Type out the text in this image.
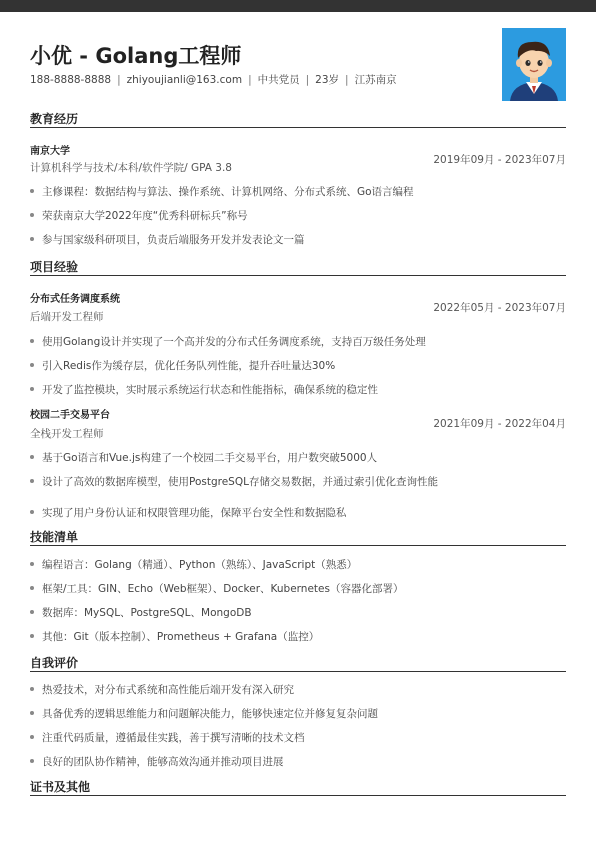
小优 - Golang工程师
188-8888-8888 | zhiyoujianli@163.com | 中共党员 | 23岁 | 江苏南京
教育经历
南京大学
计算机科学与技术/本科/软件学院/ GPA 3.8
2019年09月 - 2023年07月
主修课程：数据结构与算法、操作系统、计算机网络、分布式系统、Go语言编程
荣获南京大学2022年度“优秀科研标兵”称号
参与国家级科研项目，负责后端服务开发并发表论文一篇
项目经验
分布式任务调度系统
后端开发工程师
2022年05月 - 2023年07月
使用Golang设计并实现了一个高并发的分布式任务调度系统，支持百万级任务处理
引入Redis作为缓存层，优化任务队列性能，提升吞吐量达30%
开发了监控模块，实时展示系统运行状态和性能指标，确保系统的稳定性
校园二手交易平台
全栈开发工程师
2021年09月 - 2022年04月
基于Go语言和Vue.js构建了一个校园二手交易平台，用户数突破5000人
设计了高效的数据库模型，使用PostgreSQL存储交易数据，并通过索引优化查询性能
实现了用户身份认证和权限管理功能，保障平台安全性和数据隐私
技能清单
编程语言：Golang（精通）、Python（熟练）、JavaScript（熟悉）
框架/工具：GIN、Echo（Web框架）、Docker、Kubernetes（容器化部署）
数据库：MySQL、PostgreSQL、MongoDB
其他：Git（版本控制）、Prometheus + Grafana（监控）
自我评价
热爱技术，对分布式系统和高性能后端开发有深入研究
具备优秀的逻辑思维能力和问题解决能力，能够快速定位并修复复杂问题
注重代码质量，遵循最佳实践，善于撰写清晰的技术文档
良好的团队协作精神，能够高效沟通并推动项目进展
证书及其他
